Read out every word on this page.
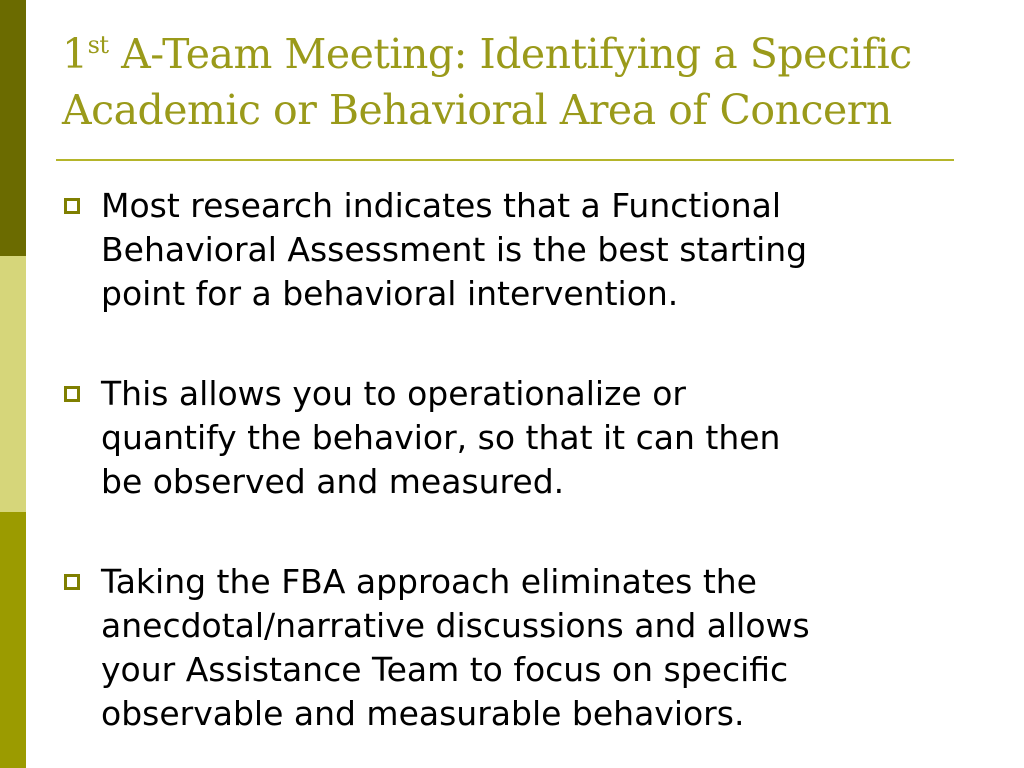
1st A-Team Meeting: Identifying a Specific
Academic or Behavioral Area of Concern
Most research indicates that a Functional
Behavioral Assessment is the best starting
point for a behavioral intervention.
This allows you to operationalize or
quantify the behavior, so that it can then
be observed and measured.
Taking the FBA approach eliminates the
anecdotal/narrative discussions and allows
your Assistance Team to focus on specific
observable and measurable behaviors.
